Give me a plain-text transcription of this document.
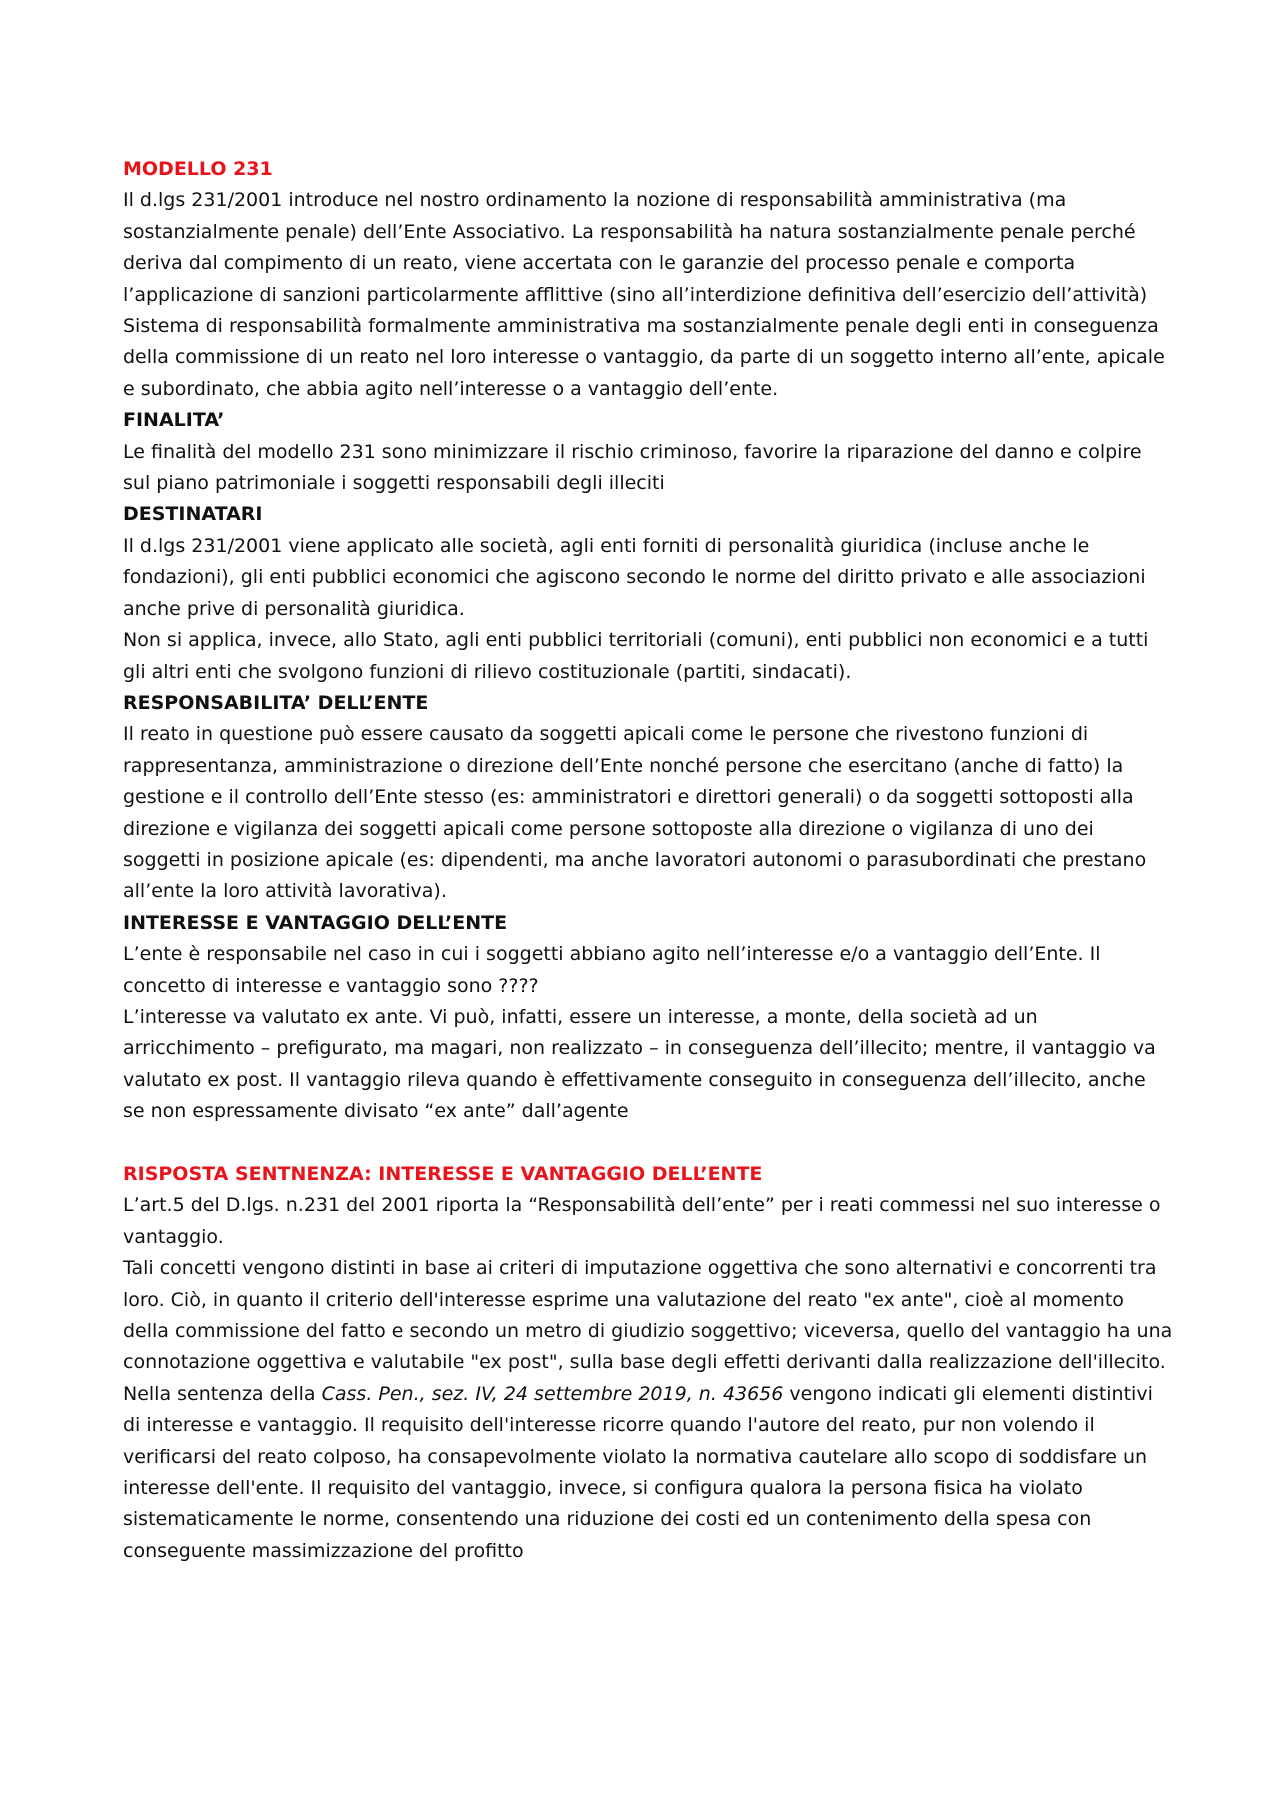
MODELLO 231

Il d.lgs 231/2001 introduce nel nostro ordinamento la nozione di responsabilità amministrativa (ma sostanzialmente penale) dell’Ente Associativo. La responsabilità ha natura sostanzialmente penale perché deriva dal compimento di un reato, viene accertata con le garanzie del processo penale e comporta l’applicazione di sanzioni particolarmente afflittive (sino all’interdizione definitiva dell’esercizio dell’attività)

Sistema di responsabilità formalmente amministrativa ma sostanzialmente penale degli enti in conseguenza della commissione di un reato nel loro interesse o vantaggio, da parte di un soggetto interno all’ente, apicale e subordinato, che abbia agito nell’interesse o a vantaggio dell’ente.

FINALITA’

Le finalità del modello 231 sono minimizzare il rischio criminoso, favorire la riparazione del danno e colpire sul piano patrimoniale i soggetti responsabili degli illeciti

DESTINATARI

Il d.lgs 231/2001 viene applicato alle società, agli enti forniti di personalità giuridica (incluse anche le fondazioni), gli enti pubblici economici che agiscono secondo le norme del diritto privato e alle associazioni anche prive di personalità giuridica.

Non si applica, invece, allo Stato, agli enti pubblici territoriali (comuni), enti pubblici non economici e a tutti gli altri enti che svolgono funzioni di rilievo costituzionale (partiti, sindacati).

RESPONSABILITA’ DELL’ENTE

Il reato in questione può essere causato da soggetti apicali come le persone che rivestono funzioni di rappresentanza, amministrazione o direzione dell’Ente nonché persone che esercitano (anche di fatto) la gestione e il controllo dell’Ente stesso (es: amministratori e direttori generali) o da soggetti sottoposti alla direzione e vigilanza dei soggetti apicali come persone sottoposte alla direzione o vigilanza di uno dei soggetti in posizione apicale (es: dipendenti, ma anche lavoratori autonomi o parasubordinati che prestano all’ente la loro attività lavorativa).

INTERESSE E VANTAGGIO DELL’ENTE

L’ente è responsabile nel caso in cui i soggetti abbiano agito nell’interesse e/o a vantaggio dell’Ente. Il concetto di interesse e vantaggio sono ????

L’interesse va valutato ex ante. Vi può, infatti, essere un interesse, a monte, della società ad un arricchimento – prefigurato, ma magari, non realizzato – in conseguenza dell’illecito; mentre, il vantaggio va valutato ex post. Il vantaggio rileva quando è effettivamente conseguito in conseguenza dell’illecito, anche se non espressamente divisato “ex ante” dall’agente

RISPOSTA SENTNENZA: INTERESSE E VANTAGGIO DELL’ENTE

L’art.5 del D.lgs. n.231 del 2001 riporta la “Responsabilità dell’ente” per i reati commessi nel suo interesse o vantaggio.

Tali concetti vengono distinti in base ai criteri di imputazione oggettiva che sono alternativi e concorrenti tra loro. Ciò, in quanto il criterio dell'interesse esprime una valutazione del reato "ex ante", cioè al momento della commissione del fatto e secondo un metro di giudizio soggettivo; viceversa, quello del vantaggio ha una connotazione oggettiva e valutabile "ex post", sulla base degli effetti derivanti dalla realizzazione dell'illecito.

Nella sentenza della Cass. Pen., sez. IV, 24 settembre 2019, n. 43656 vengono indicati gli elementi distintivi di interesse e vantaggio. Il requisito dell'interesse ricorre quando l'autore del reato, pur non volendo il verificarsi del reato colposo, ha consapevolmente violato la normativa cautelare allo scopo di soddisfare un interesse dell'ente. Il requisito del vantaggio, invece, si configura qualora la persona fisica ha violato sistematicamente le norme, consentendo una riduzione dei costi ed un contenimento della spesa con conseguente massimizzazione del profitto
